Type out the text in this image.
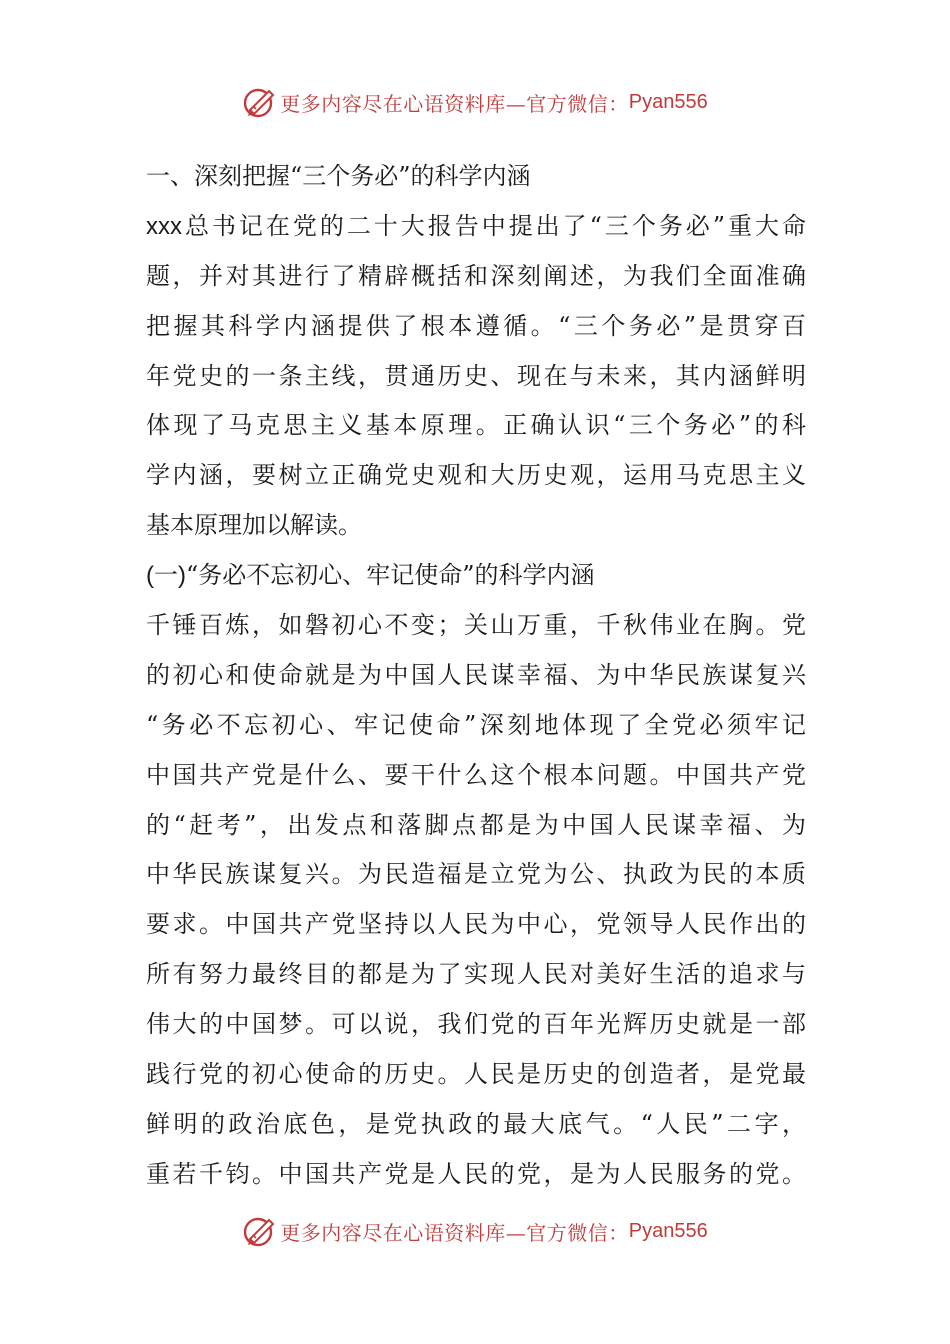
更多内容尽在心语资料库—官方微信： Pyan556
一、深刻把握“三个务必”的科学内涵
xxx总书记在党的二十大报告中提出了“三个务必”重大命
题，并对其进行了精辟概括和深刻阐述，为我们全面准确
把握其科学内涵提供了根本遵循。“三个务必”是贯穿百
年党史的一条主线，贯通历史、现在与未来，其内涵鲜明
体现了马克思主义基本原理。正确认识“三个务必”的科
学内涵，要树立正确党史观和大历史观，运用马克思主义
基本原理加以解读。
(一)“务必不忘初心、牢记使命”的科学内涵
千锤百炼，如磐初心不变；关山万重，千秋伟业在胸。党
的初心和使命就是为中国人民谋幸福、为中华民族谋复兴
“务必不忘初心、牢记使命”深刻地体现了全党必须牢记
中国共产党是什么、要干什么这个根本问题。中国共产党
的“赶考”，出发点和落脚点都是为中国人民谋幸福、为
中华民族谋复兴。为民造福是立党为公、执政为民的本质
要求。中国共产党坚持以人民为中心，党领导人民作出的
所有努力最终目的都是为了实现人民对美好生活的追求与
伟大的中国梦。可以说，我们党的百年光辉历史就是一部
践行党的初心使命的历史。人民是历史的创造者，是党最
鲜明的政治底色，是党执政的最大底气。“人民”二字，
重若千钧。中国共产党是人民的党，是为人民服务的党。
更多内容尽在心语资料库—官方微信： Pyan556
